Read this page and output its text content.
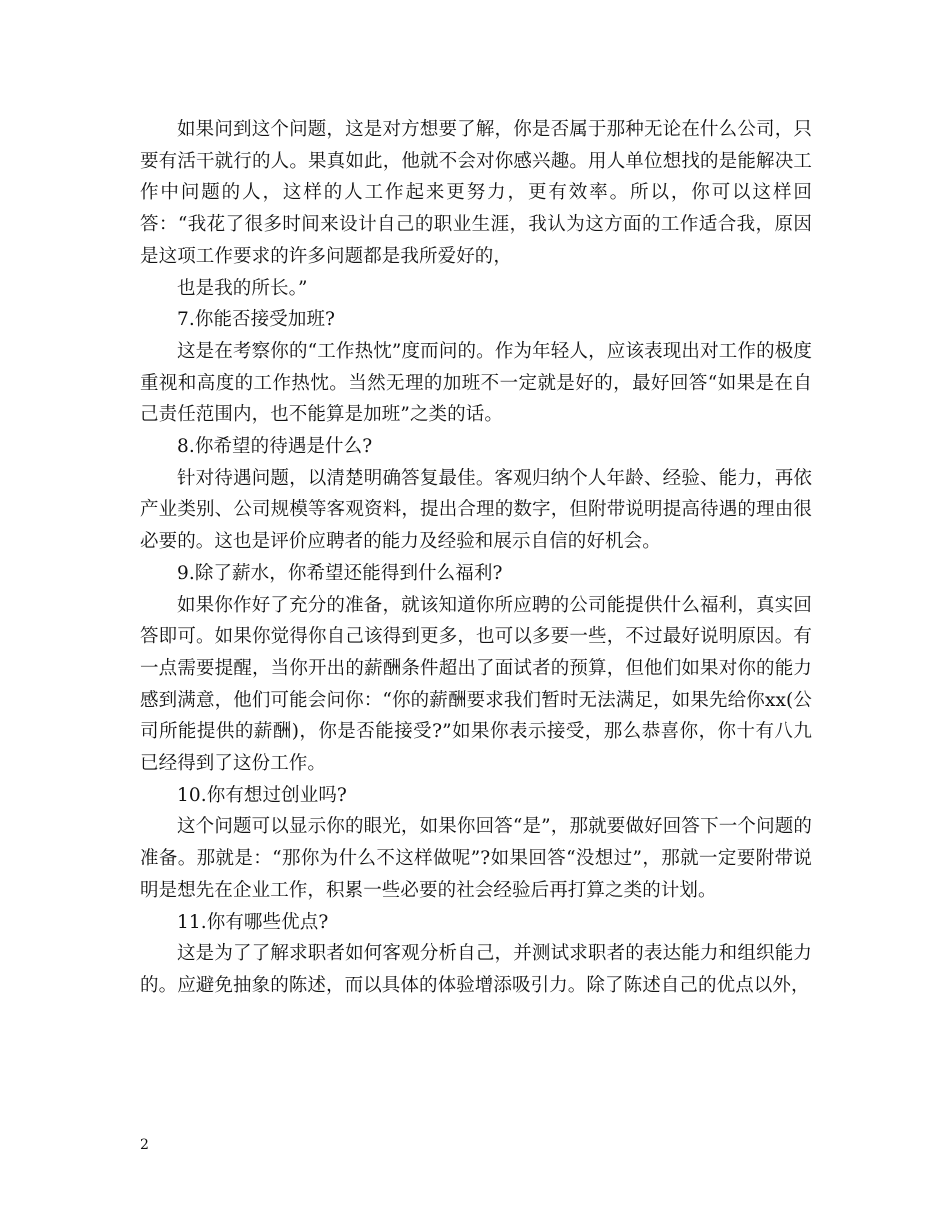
如果问到这个问题，这是对方想要了解，你是否属于那种无论在什么公司，只要有活干就行的人。果真如此，他就不会对你感兴趣。用人单位想找的是能解决工作中问题的人，这样的人工作起来更努力，更有效率。所以，你可以这样回答：“我花了很多时间来设计自己的职业生涯，我认为这方面的工作适合我，原因是这项工作要求的许多问题都是我所爱好的，

也是我的所长。”

7.你能否接受加班?

这是在考察你的“工作热忱”度而问的。作为年轻人，应该表现出对工作的极度重视和高度的工作热忱。当然无理的加班不一定就是好的，最好回答“如果是在自己责任范围内，也不能算是加班”之类的话。

8.你希望的待遇是什么?

针对待遇问题，以清楚明确答复最佳。客观归纳个人年龄、经验、能力，再依产业类别、公司规模等客观资料，提出合理的数字，但附带说明提高待遇的理由很必要的。这也是评价应聘者的能力及经验和展示自信的好机会。

9.除了薪水，你希望还能得到什么福利?

如果你作好了充分的准备，就该知道你所应聘的公司能提供什么福利，真实回答即可。如果你觉得你自己该得到更多，也可以多要一些，不过最好说明原因。有一点需要提醒，当你开出的薪酬条件超出了面试者的预算，但他们如果对你的能力感到满意，他们可能会问你：“你的薪酬要求我们暂时无法满足，如果先给你xx(公司所能提供的薪酬)，你是否能接受?”如果你表示接受，那么恭喜你，你十有八九已经得到了这份工作。

10.你有想过创业吗?

这个问题可以显示你的眼光，如果你回答“是”，那就要做好回答下一个问题的准备。那就是：“那你为什么不这样做呢”?如果回答“没想过”，那就一定要附带说明是想先在企业工作，积累一些必要的社会经验后再打算之类的计划。

11.你有哪些优点?

这是为了了解求职者如何客观分析自己，并测试求职者的表达能力和组织能力的。应避免抽象的陈述，而以具体的体验增添吸引力。除了陈述自己的优点以外，

2
